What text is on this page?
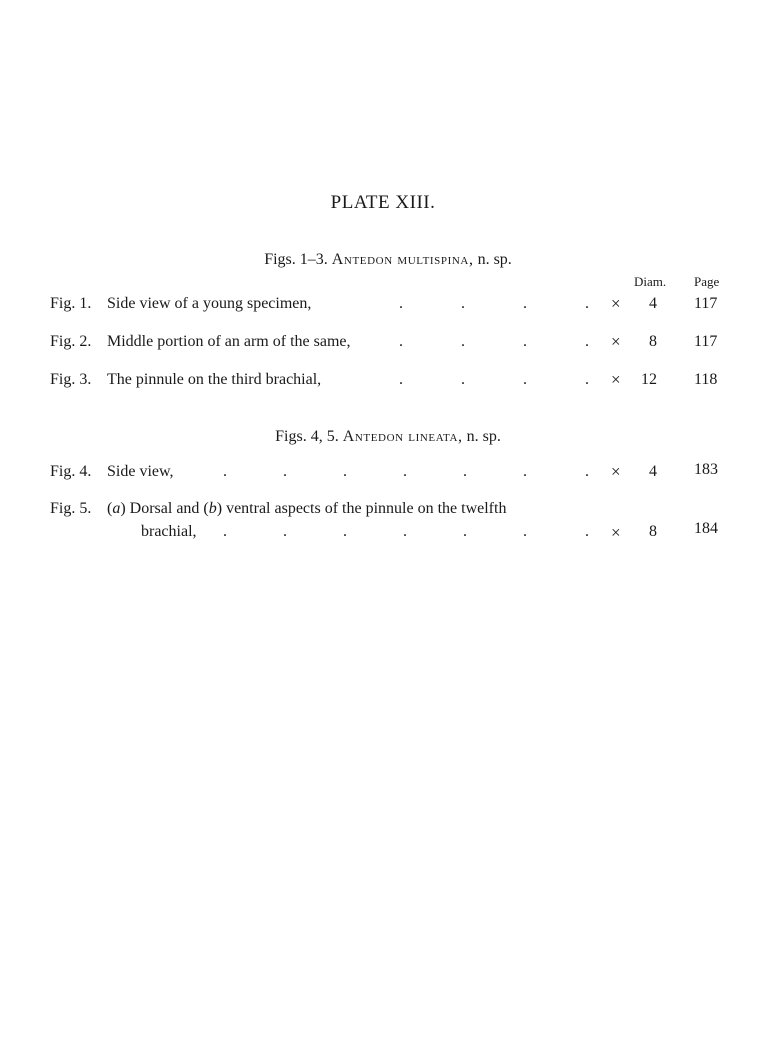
PLATE XIII.
Figs. 1–3. Antedon multispina, n. sp.
Diam. Page
Fig. 1. Side view of a young specimen,	.	.	.	. × 4 117
Fig. 2. Middle portion of an arm of the same,	.	.	.	. × 8 117
Fig. 3. The pinnule on the third brachial,	.	.	.	. × 12 118
Figs. 4, 5. Antedon lineata, n. sp.
Fig. 4. Side view,	.	.	.	.	.	.	. × 4 183
Fig. 5. (a) Dorsal and (b) ventral aspects of the pinnule on the twelfth
brachial, .	.	.	.	.	.	. × 8 184
